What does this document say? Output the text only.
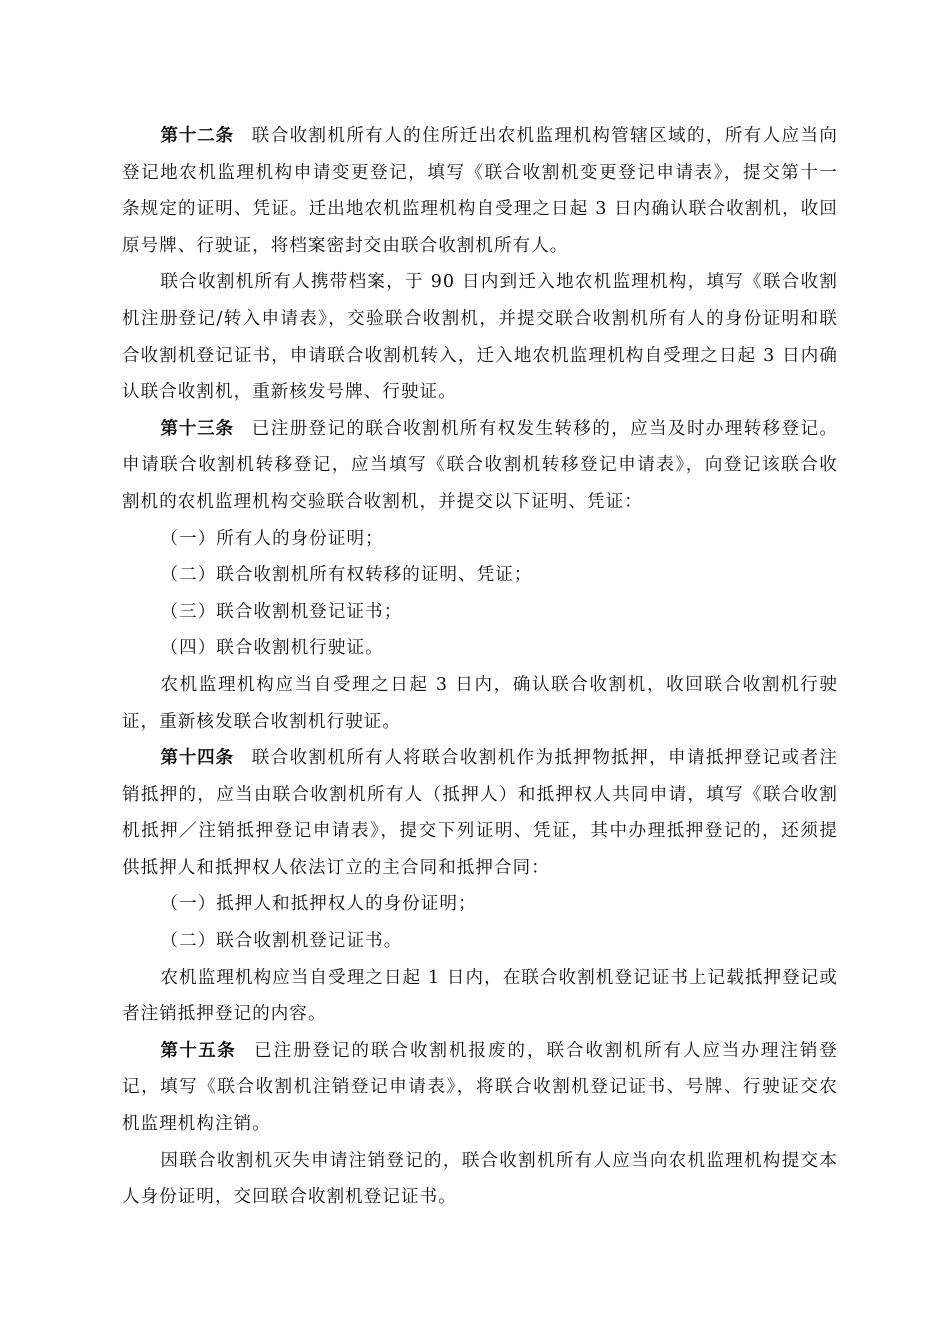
第十二条 联合收割机所有人的住所迁出农机监理机构管辖区域的，所有人应当向登记地农机监理机构申请变更登记，填写《联合收割机变更登记申请表》，提交第十一条规定的证明、凭证。迁出地农机监理机构自受理之日起 3 日内确认联合收割机，收回原号牌、行驶证，将档案密封交由联合收割机所有人。

联合收割机所有人携带档案，于 90 日内到迁入地农机监理机构，填写《联合收割机注册登记/转入申请表》，交验联合收割机，并提交联合收割机所有人的身份证明和联合收割机登记证书，申请联合收割机转入，迁入地农机监理机构自受理之日起 3 日内确认联合收割机，重新核发号牌、行驶证。

第十三条 已注册登记的联合收割机所有权发生转移的，应当及时办理转移登记。申请联合收割机转移登记，应当填写《联合收割机转移登记申请表》，向登记该联合收割机的农机监理机构交验联合收割机，并提交以下证明、凭证：

（一）所有人的身份证明；

（二）联合收割机所有权转移的证明、凭证；

（三）联合收割机登记证书；

（四）联合收割机行驶证。

农机监理机构应当自受理之日起 3 日内，确认联合收割机，收回联合收割机行驶证，重新核发联合收割机行驶证。

第十四条 联合收割机所有人将联合收割机作为抵押物抵押，申请抵押登记或者注销抵押的，应当由联合收割机所有人（抵押人）和抵押权人共同申请，填写《联合收割机抵押／注销抵押登记申请表》，提交下列证明、凭证，其中办理抵押登记的，还须提供抵押人和抵押权人依法订立的主合同和抵押合同：

（一）抵押人和抵押权人的身份证明；

（二）联合收割机登记证书。

农机监理机构应当自受理之日起 1 日内，在联合收割机登记证书上记载抵押登记或者注销抵押登记的内容。

第十五条 已注册登记的联合收割机报废的，联合收割机所有人应当办理注销登记，填写《联合收割机注销登记申请表》，将联合收割机登记证书、号牌、行驶证交农机监理机构注销。

因联合收割机灭失申请注销登记的，联合收割机所有人应当向农机监理机构提交本人身份证明，交回联合收割机登记证书。
